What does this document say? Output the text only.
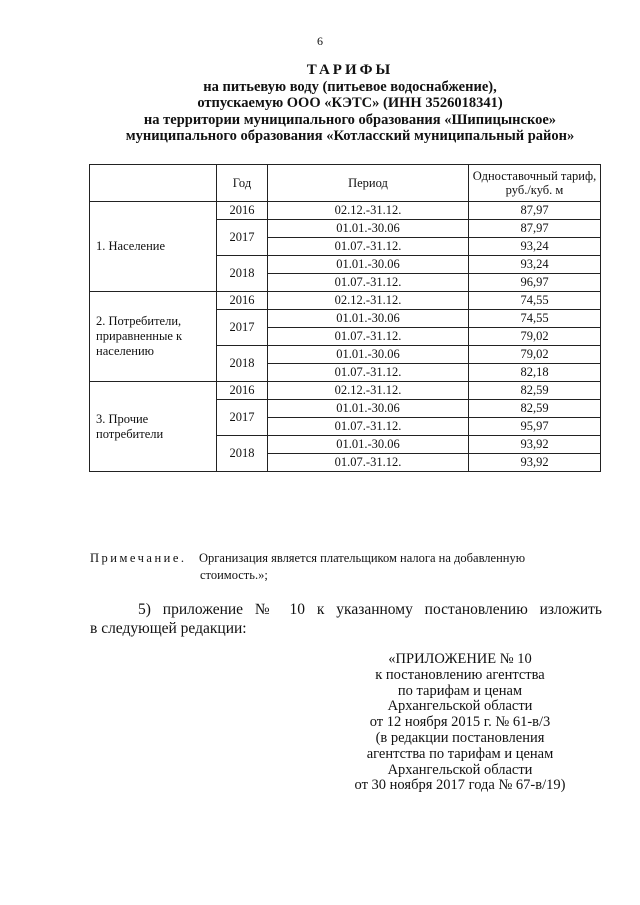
6
ТАРИФЫ
на питьевую воду (питьевое водоснабжение),
отпускаемую ООО «КЭТС» (ИНН 3526018341)
на территории муниципального образования «Шипицынское»
муниципального образования «Котласский муниципальный район»
	Год	Период	Одноставочный тариф,
руб./куб. м

1. Население	2016	02.12.-31.12.	87,97
	2017	01.01.-30.06	87,97
		01.07.-31.12.	93,24
	2018	01.01.-30.06	93,24
		01.07.-31.12.	96,97

2. Потребители,
приравненные к
населению	2016	02.12.-31.12.	74,55
	2017	01.01.-30.06	74,55
		01.07.-31.12.	79,02
	2018	01.01.-30.06	79,02
		01.07.-31.12.	82,18

3. Прочие
потребители	2016	02.12.-31.12.	82,59
	2017	01.01.-30.06	82,59
		01.07.-31.12.	95,97
	2018	01.01.-30.06	93,92
		01.07.-31.12.	93,92
Примечание. Организация является плательщиком налога на добавленную
стоимость.»;
5) приложение № 10 к указанному постановлению изложить
в следующей редакции:
«ПРИЛОЖЕНИЕ № 10
к постановлению агентства
по тарифам и ценам
Архангельской области
от 12 ноября 2015 г. № 61-в/3
(в редакции постановления
агентства по тарифам и ценам
Архангельской области
от 30 ноября 2017 года № 67-в/19)
